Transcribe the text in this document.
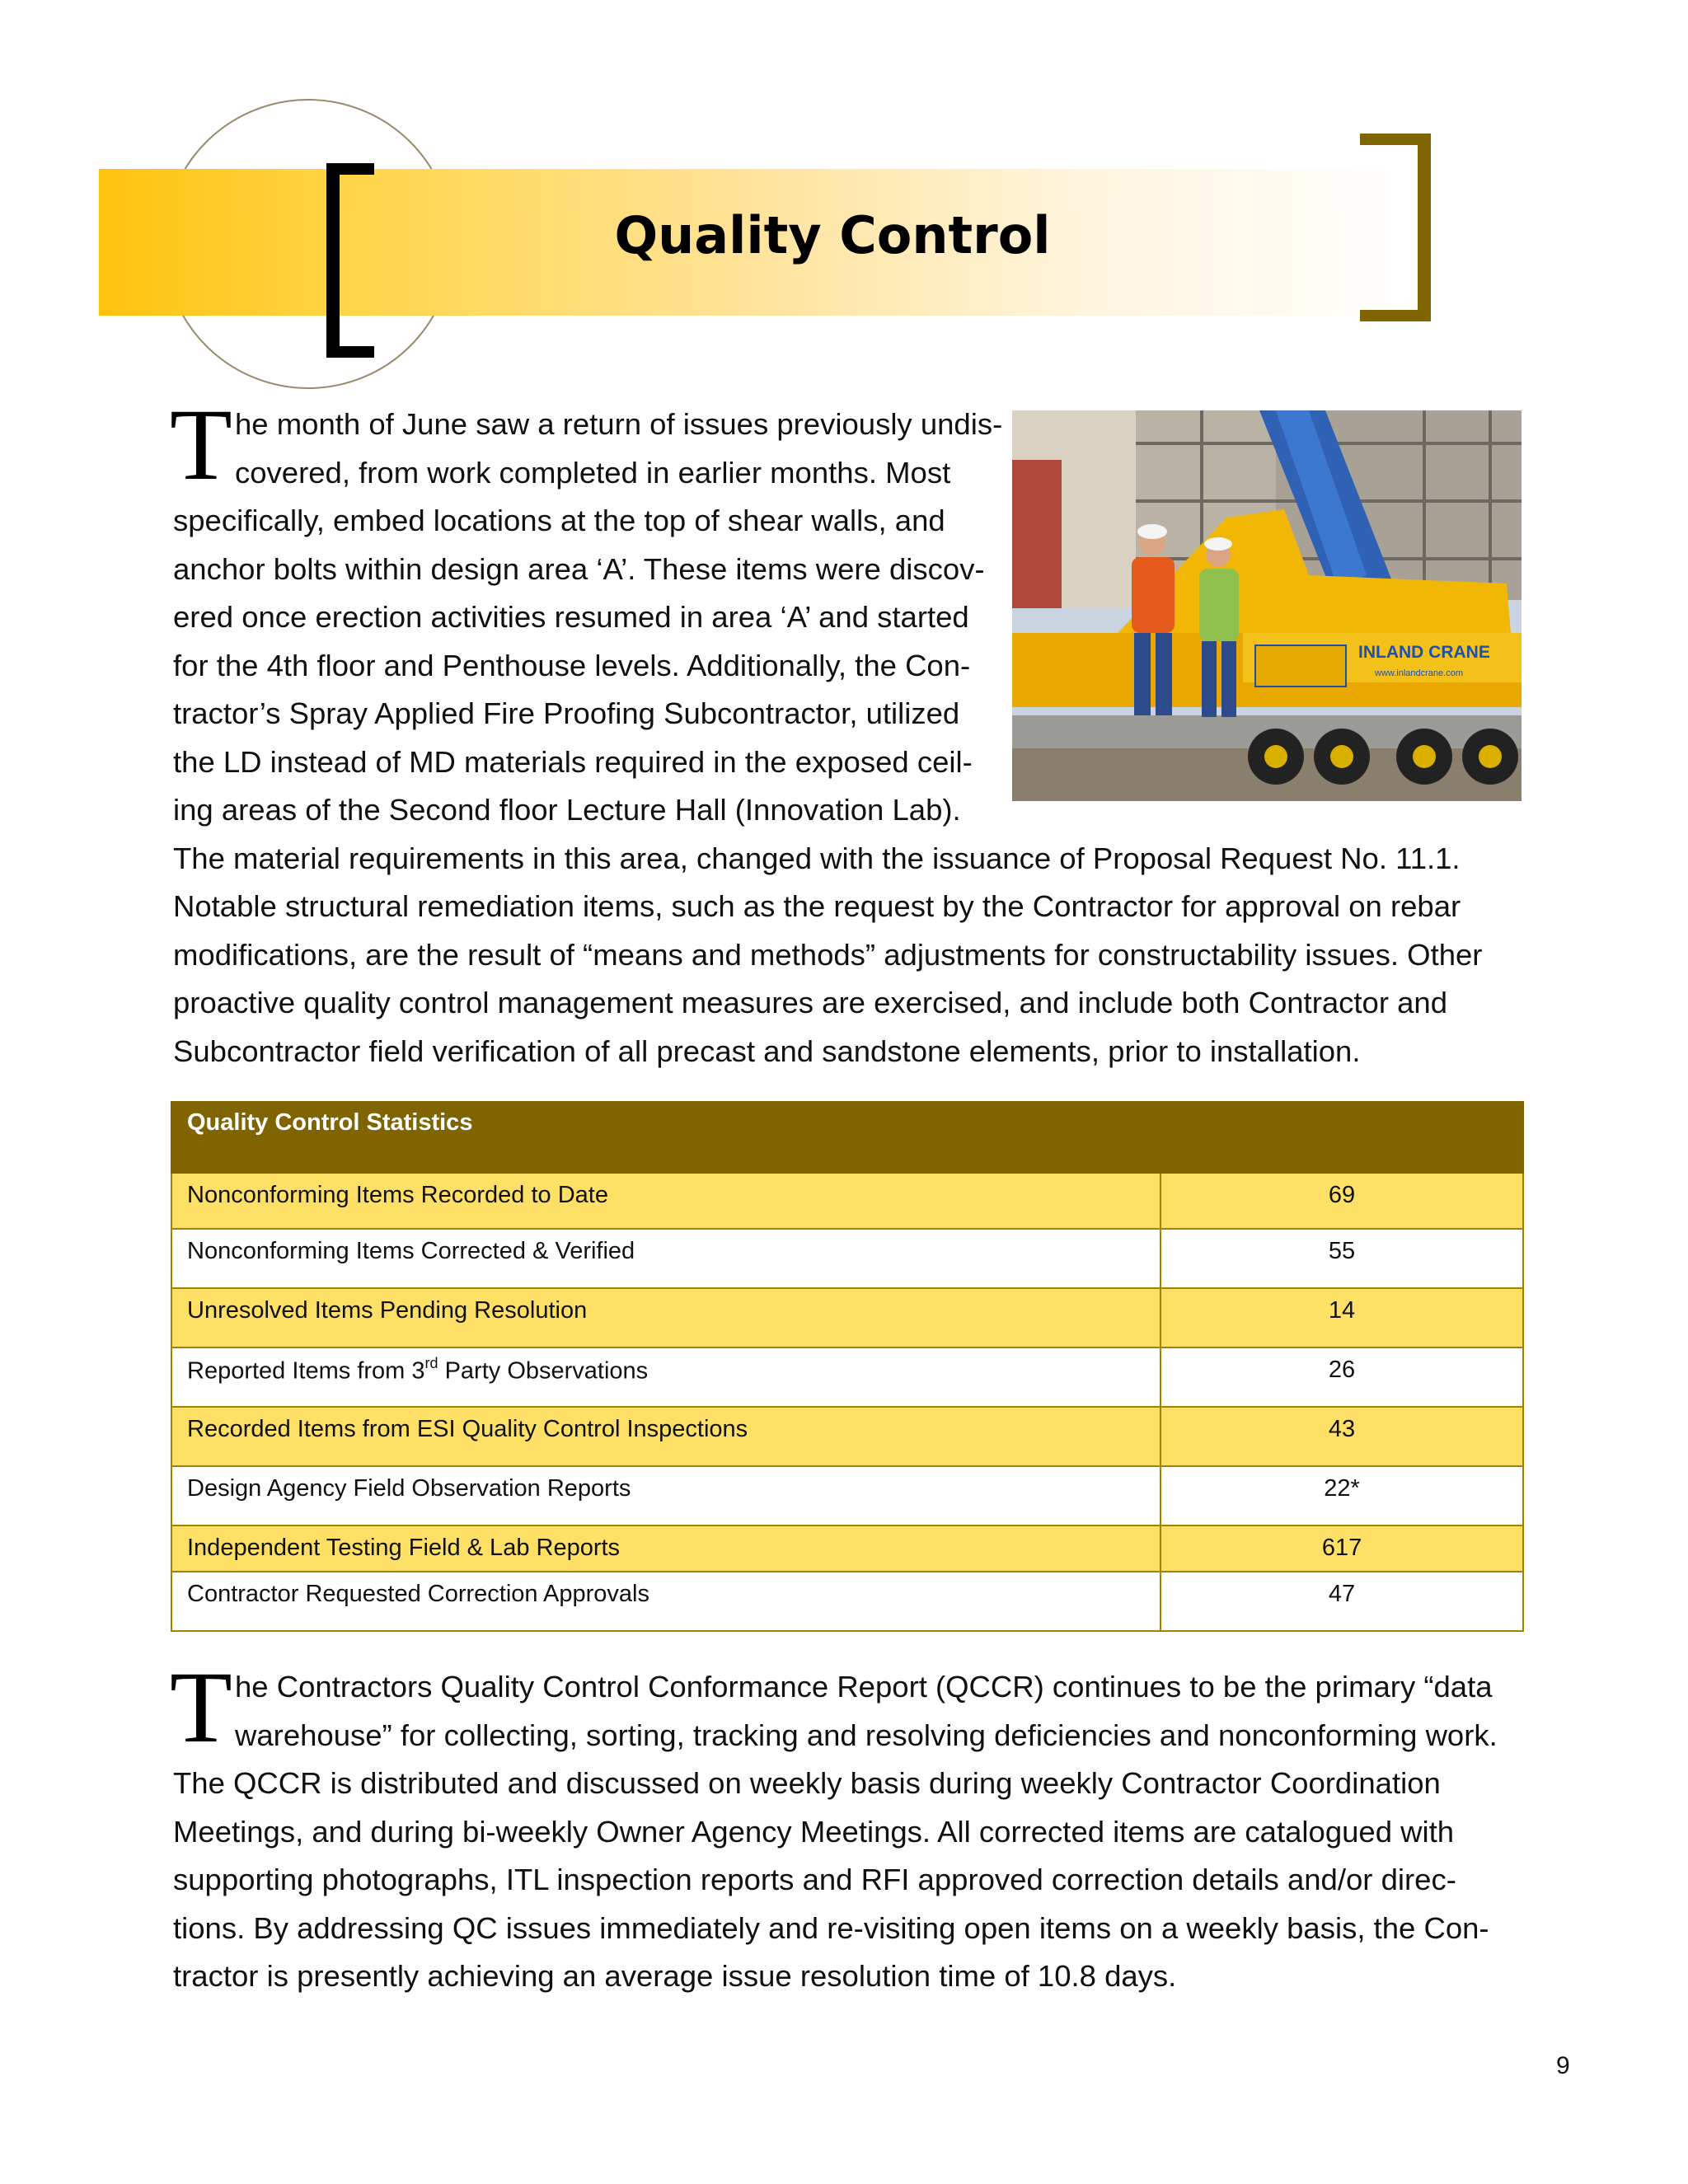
Quality Control
T he month of June saw a return of issues previously undis-
covered, from work completed in earlier months. Most
specifically, embed locations at the top of shear walls, and
anchor bolts within design area ‘A’. These items were discov-
ered once erection activities resumed in area ‘A’ and started
for the 4th floor and Penthouse levels. Additionally, the Con-
tractor’s Spray Applied Fire Proofing Subcontractor, utilized
the LD instead of MD materials required in the exposed ceil-
ing areas of the Second floor Lecture Hall (Innovation Lab).
The material requirements in this area, changed with the issuance of Proposal Request No. 11.1.
Notable structural remediation items, such as the request by the Contractor for approval on rebar
modifications, are the result of “means and methods” adjustments for constructability issues. Other
proactive quality control management measures are exercised, and include both Contractor and
Subcontractor field verification of all precast and sandstone elements, prior to installation.
INLAND CRANE
www.inlandcrane.com
Quality Control Statistics	
Nonconforming Items Recorded to Date	69
Nonconforming Items Corrected & Verified	55
Unresolved Items Pending Resolution	14
Reported Items from 3rd Party Observations	26
Recorded Items from ESI Quality Control Inspections	43
Design Agency Field Observation Reports	22*
Independent Testing Field & Lab Reports	617
Contractor Requested Correction Approvals	47
T he Contractors Quality Control Conformance Report (QCCR) continues to be the primary “data
warehouse” for collecting, sorting, tracking and resolving deficiencies and nonconforming work.
The QCCR is distributed and discussed on weekly basis during weekly Contractor Coordination
Meetings, and during bi-weekly Owner Agency Meetings. All corrected items are catalogued with
supporting photographs, ITL inspection reports and RFI approved correction details and/or direc-
tions. By addressing QC issues immediately and re-visiting open items on a weekly basis, the Con-
tractor is presently achieving an average issue resolution time of 10.8 days.
9
